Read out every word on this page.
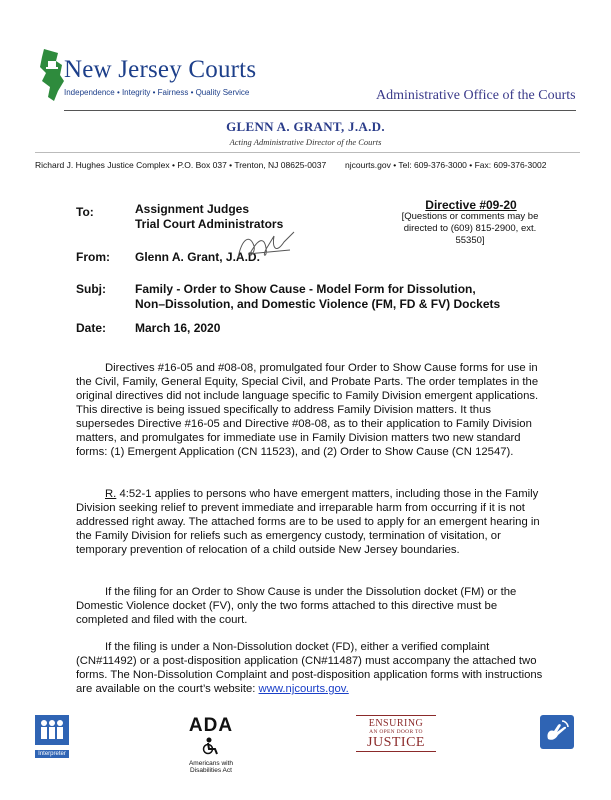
New Jersey Courts
Independence • Integrity • Fairness • Quality Service	Administrative Office of the Courts
GLENN A. GRANT, J.A.D.
Acting Administrative Director of the Courts
Richard J. Hughes Justice Complex • P.O. Box 037 • Trenton, NJ 08625-0037 njcourts.gov • Tel: 609-376-3000 • Fax: 609-376-3002
To:	Assignment Judges
Trial Court Administrators
Directive #09-20
[Questions or comments may be directed to (609) 815-2900, ext. 55350]
From: Glenn A. Grant, J.A.D.
Subj: Family - Order to Show Cause - Model Form for Dissolution,
Non–Dissolution, and Domestic Violence (FM, FD & FV) Dockets
Date: March 16, 2020
Directives #16-05 and #08-08, promulgated four Order to Show Cause forms for use in the Civil, Family, General Equity, Special Civil, and Probate Parts. The order templates in the original directives did not include language specific to Family Division emergent applications. This directive is being issued specifically to address Family Division matters. It thus supersedes Directive #16-05 and Directive #08-08, as to their application to Family Division matters, and promulgates for immediate use in Family Division matters two new standard forms: (1) Emergent Application (CN 11523), and (2) Order to Show Cause (CN 12547).
R. 4:52-1 applies to persons who have emergent matters, including those in the Family Division seeking relief to prevent immediate and irreparable harm from occurring if it is not addressed right away. The attached forms are to be used to apply for an emergent hearing in the Family Division for reliefs such as emergency custody, termination of visitation, or temporary prevention of relocation of a child outside New Jersey boundaries.
If the filing for an Order to Show Cause is under the Dissolution docket (FM) or the Domestic Violence docket (FV), only the two forms attached to this directive must be completed and filed with the court.
If the filing is under a Non-Dissolution docket (FD), either a verified complaint (CN#11492) or a post-disposition application (CN#11487) must accompany the attached two forms. The Non-Dissolution Complaint and post-disposition application forms with instructions are available on the court’s website: www.njcourts.gov.
Interpreter
ADA
Americans with
Disabilities Act
ENSURING
AN OPEN DOOR TO
JUSTICE
